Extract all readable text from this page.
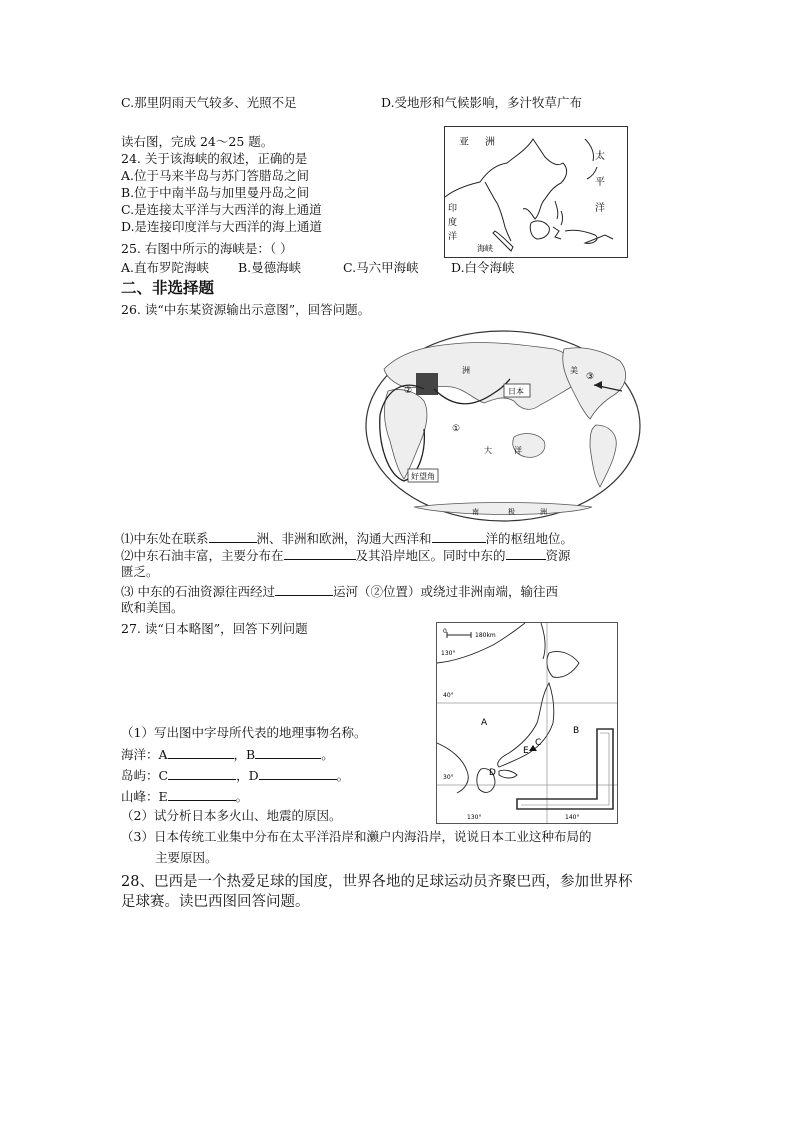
C.那里阴雨天气较多、光照不足	D.受地形和气候影响，多汁牧草广布
读右图，完成 24～25 题。
24. 关于该海峡的叙述，正确的是
A.位于马来半岛与苏门答腊岛之间
B.位于中南半岛与加里曼丹岛之间
C.是连接太平洋与大西洋的海上通道
D.是连接印度洋与大西洋的海上通道
25. 右图中所示的海峡是：（ ）
A.直布罗陀海峡 B.曼德海峡	C.马六甲海峡	D.白令海峡
亚 洲
太
平
洋
印
度
洋
海峡
二、非选择题
26. 读“中东某资源输出示意图”，回答问题。
日本
好望角
南	极	洲
美
大	洋
洲
①
②
③
⑴中东处在联系	洲、非洲和欧洲，沟通大西洋和	洋的枢纽地位。
⑵中东石油丰富，主要分布在	及其沿岸地区。同时中东的	资源
匮乏。
⑶ 中东的石油资源往西经过	运河（②位置）或绕过非洲南端，输往西
欧和美国。
27. 读“日本略图”，回答下列问题	0
180km
130°
40°
30°
130°	140°
A
B
C
D
E
（1）写出图中字母所代表的地理事物名称。
海洋：A	，B	。
岛屿：C	，D	。
山峰：E	。
（2）试分析日本多火山、地震的原因。
（3）日本传统工业集中分布在太平洋沿岸和濑户内海沿岸，说说日本工业这种布局的
主要原因。
28、巴西是一个热爱足球的国度，世界各地的足球运动员齐聚巴西，参加世界杯
足球赛。读巴西图回答问题。
